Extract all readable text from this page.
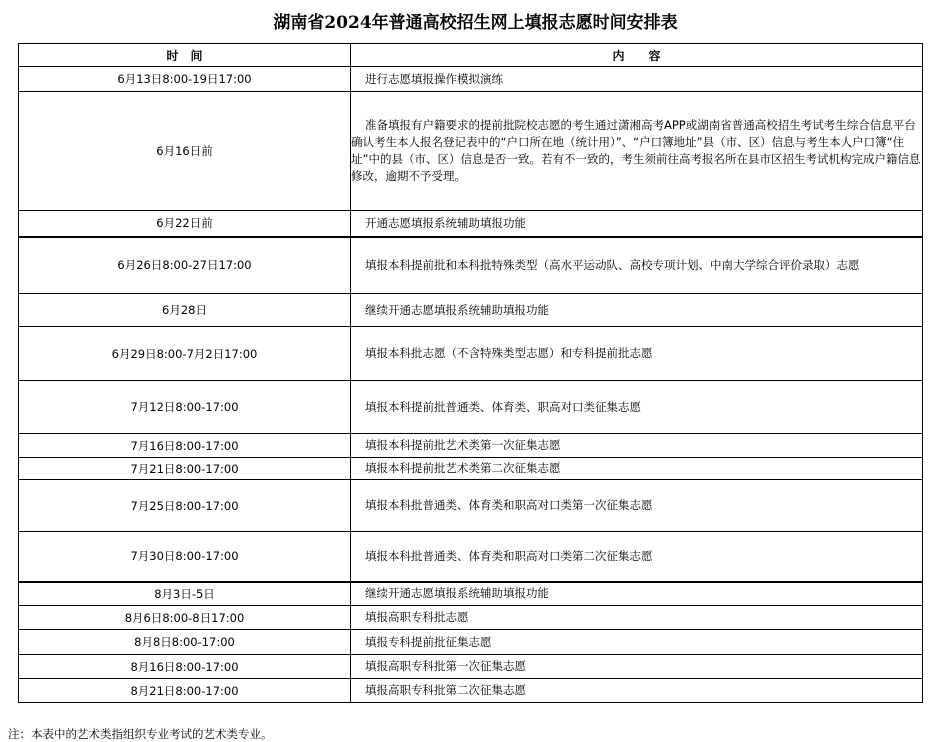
湖南省2024年普通高校招生网上填报志愿时间安排表
时　间	内　　容
6月13日8:00-19日17:00	进行志愿填报操作模拟演练

6月16日前	准备填报有户籍要求的提前批院校志愿的考生通过潇湘高考APP或湖南省普通高校招生考试考生综合信息平台确认考生本人报名登记表中的“户口所在地（统计用）”、“户口簿地址”县（市、区）信息与考生本人户口簿“住址”中的县（市、区）信息是否一致。若有不一致的，考生须前往高考报名所在县市区招生考试机构完成户籍信息修改，逾期不予受理。

6月22日前	开通志愿填报系统辅助填报功能

6月26日8:00-27日17:00	填报本科提前批和本科批特殊类型（高水平运动队、高校专项计划、中南大学综合评价录取）志愿

6月28日	继续开通志愿填报系统辅助填报功能

6月29日8:00-7月2日17:00	填报本科批志愿（不含特殊类型志愿）和专科提前批志愿

7月12日8:00-17:00	填报本科提前批普通类、体育类、职高对口类征集志愿

7月16日8:00-17:00	填报本科提前批艺术类第一次征集志愿

7月21日8:00-17:00	填报本科提前批艺术类第二次征集志愿

7月25日8:00-17:00	填报本科批普通类、体育类和职高对口类第一次征集志愿

7月30日8:00-17:00	填报本科批普通类、体育类和职高对口类第二次征集志愿

8月3日-5日	继续开通志愿填报系统辅助填报功能

8月6日8:00-8日17:00	填报高职专科批志愿

8月8日8:00-17:00	填报专科提前批征集志愿

8月16日8:00-17:00	填报高职专科批第一次征集志愿

8月21日8:00-17:00	填报高职专科批第二次征集志愿
注：本表中的艺术类指组织专业考试的艺术类专业。
